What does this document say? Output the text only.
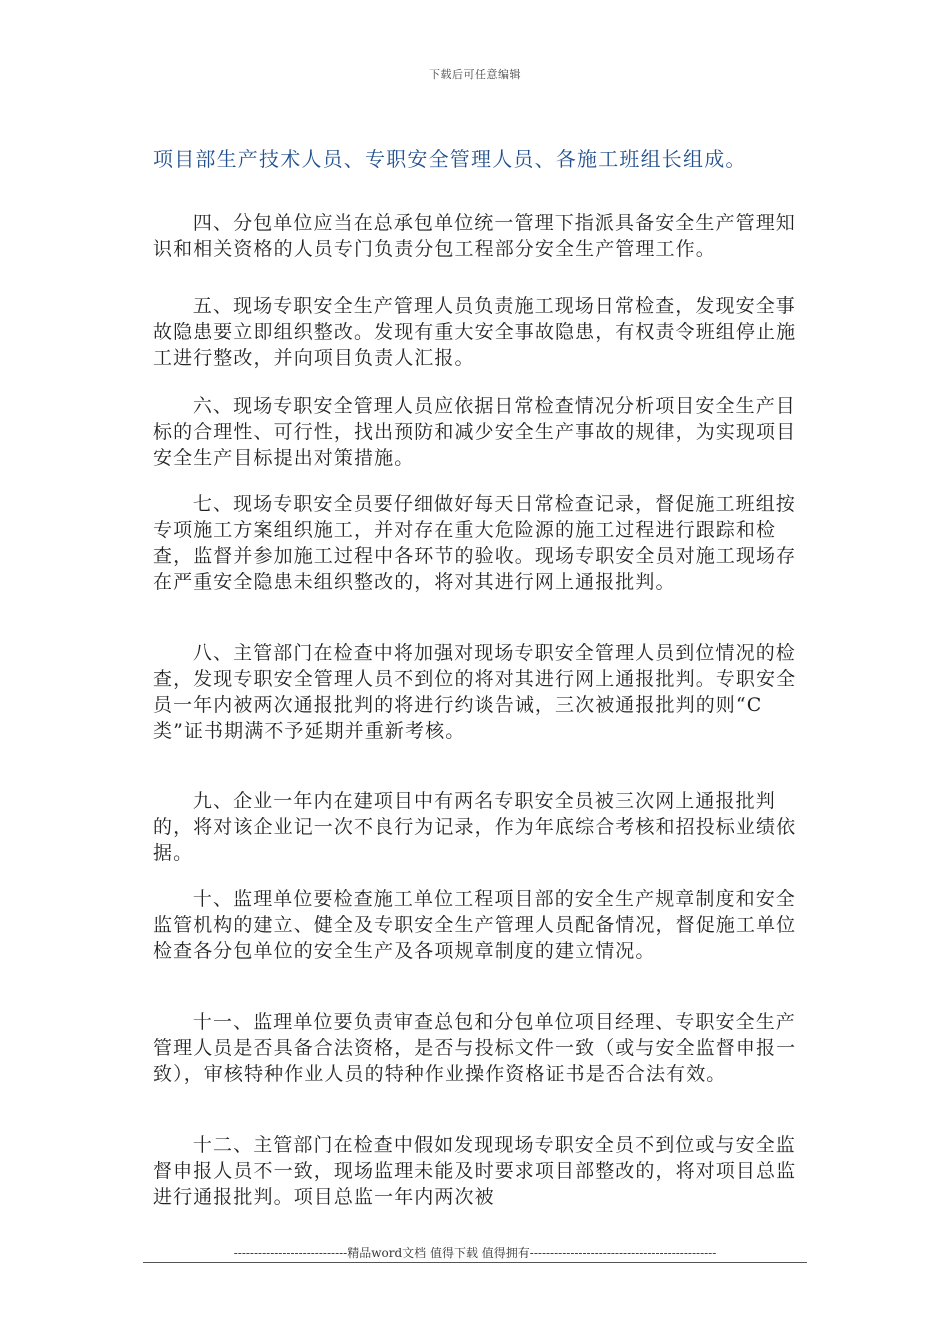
下载后可任意编辑
项目部生产技术人员、专职安全管理人员、各施工班组长组成。

四、分包单位应当在总承包单位统一管理下指派具备安全生产管理知识和相关资格的人员专门负责分包工程部分安全生产管理工作。

五、现场专职安全生产管理人员负责施工现场日常检查，发现安全事故隐患要立即组织整改。发现有重大安全事故隐患，有权责令班组停止施工进行整改，并向项目负责人汇报。

六、现场专职安全管理人员应依据日常检查情况分析项目安全生产目标的合理性、可行性，找出预防和减少安全生产事故的规律，为实现项目安全生产目标提出对策措施。

七、现场专职安全员要仔细做好每天日常检查记录，督促施工班组按专项施工方案组织施工，并对存在重大危险源的施工过程进行跟踪和检查，监督并参加施工过程中各环节的验收。现场专职安全员对施工现场存在严重安全隐患未组织整改的，将对其进行网上通报批判。

八、主管部门在检查中将加强对现场专职安全管理人员到位情况的检查，发现专职安全管理人员不到位的将对其进行网上通报批判。专职安全员一年内被两次通报批判的将进行约谈告诫，三次被通报批判的则“C类”证书期满不予延期并重新考核。

九、企业一年内在建项目中有两名专职安全员被三次网上通报批判的，将对该企业记一次不良行为记录，作为年底综合考核和招投标业绩依据。

十、监理单位要检查施工单位工程项目部的安全生产规章制度和安全监管机构的建立、健全及专职安全生产管理人员配备情况，督促施工单位检查各分包单位的安全生产及各项规章制度的建立情况。

十一、监理单位要负责审查总包和分包单位项目经理、专职安全生产管理人员是否具备合法资格，是否与投标文件一致（或与安全监督申报一致），审核特种作业人员的特种作业操作资格证书是否合法有效。

十二、主管部门在检查中假如发现现场专职安全员不到位或与安全监督申报人员不一致，现场监理未能及时要求项目部整改的，将对项目总监进行通报批判。项目总监一年内两次被

----------------------------精品word文档 值得下载 值得拥有----------------------------------------------
